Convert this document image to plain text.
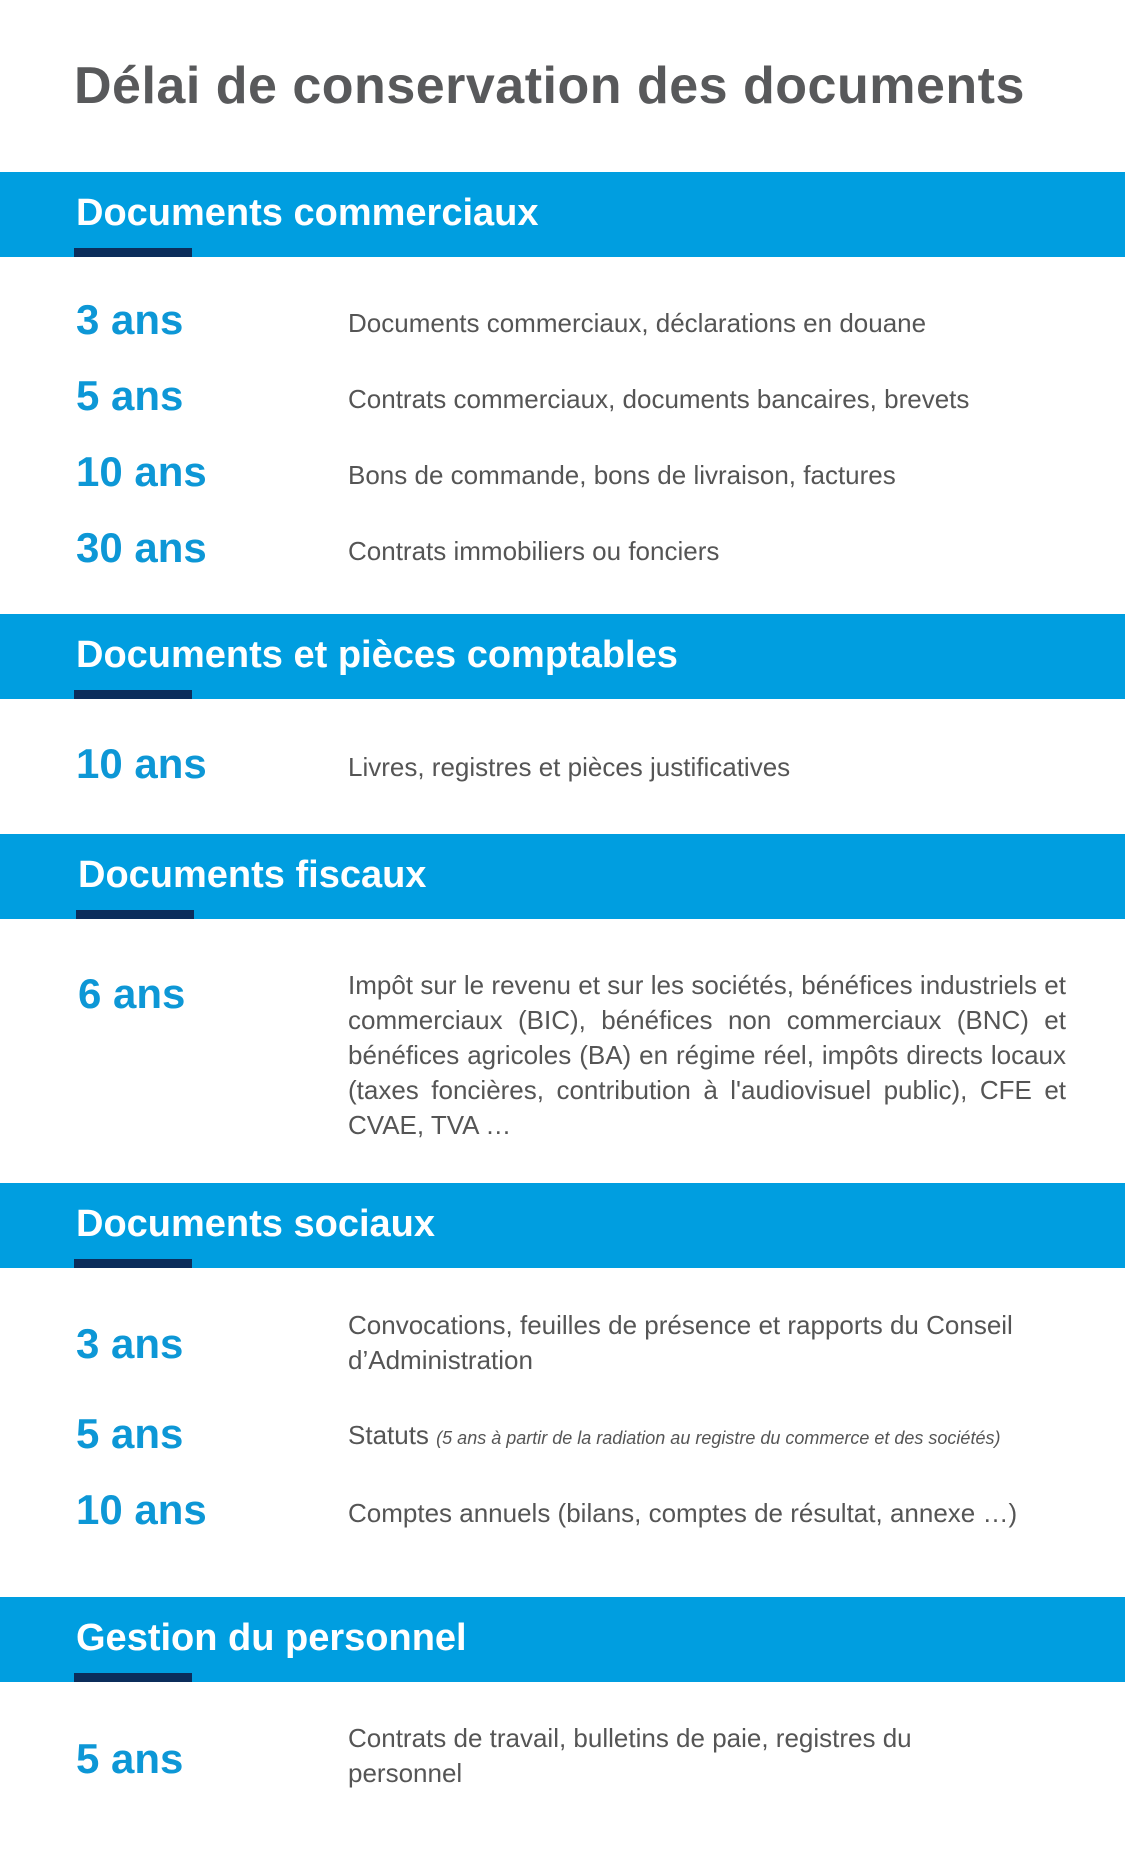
Délai de conservation des documents
Documents commerciaux
3 ans	Documents commerciaux, déclarations en douane
5 ans	Contrats commerciaux, documents bancaires, brevets
10 ans	Bons de commande, bons de livraison, factures
30 ans	Contrats immobiliers ou fonciers
Documents et pièces comptables
10 ans	Livres, registres et pièces justificatives
Documents fiscaux
6 ans	Impôt sur le revenu et sur les sociétés, bénéfices industriels et commerciaux (BIC), bénéfices non commerciaux (BNC) et bénéfices agricoles (BA) en régime réel, impôts directs locaux (taxes foncières, contribution à l'audiovisuel public), CFE et CVAE, TVA …
Documents sociaux
3 ans	Convocations, feuilles de présence et rapports du Conseil d’Administration
5 ans	Statuts (5 ans à partir de la radiation au registre du commerce et des sociétés)
10 ans	Comptes annuels (bilans, comptes de résultat, annexe …)
Gestion du personnel
5 ans	Contrats de travail, bulletins de paie, registres du personnel
